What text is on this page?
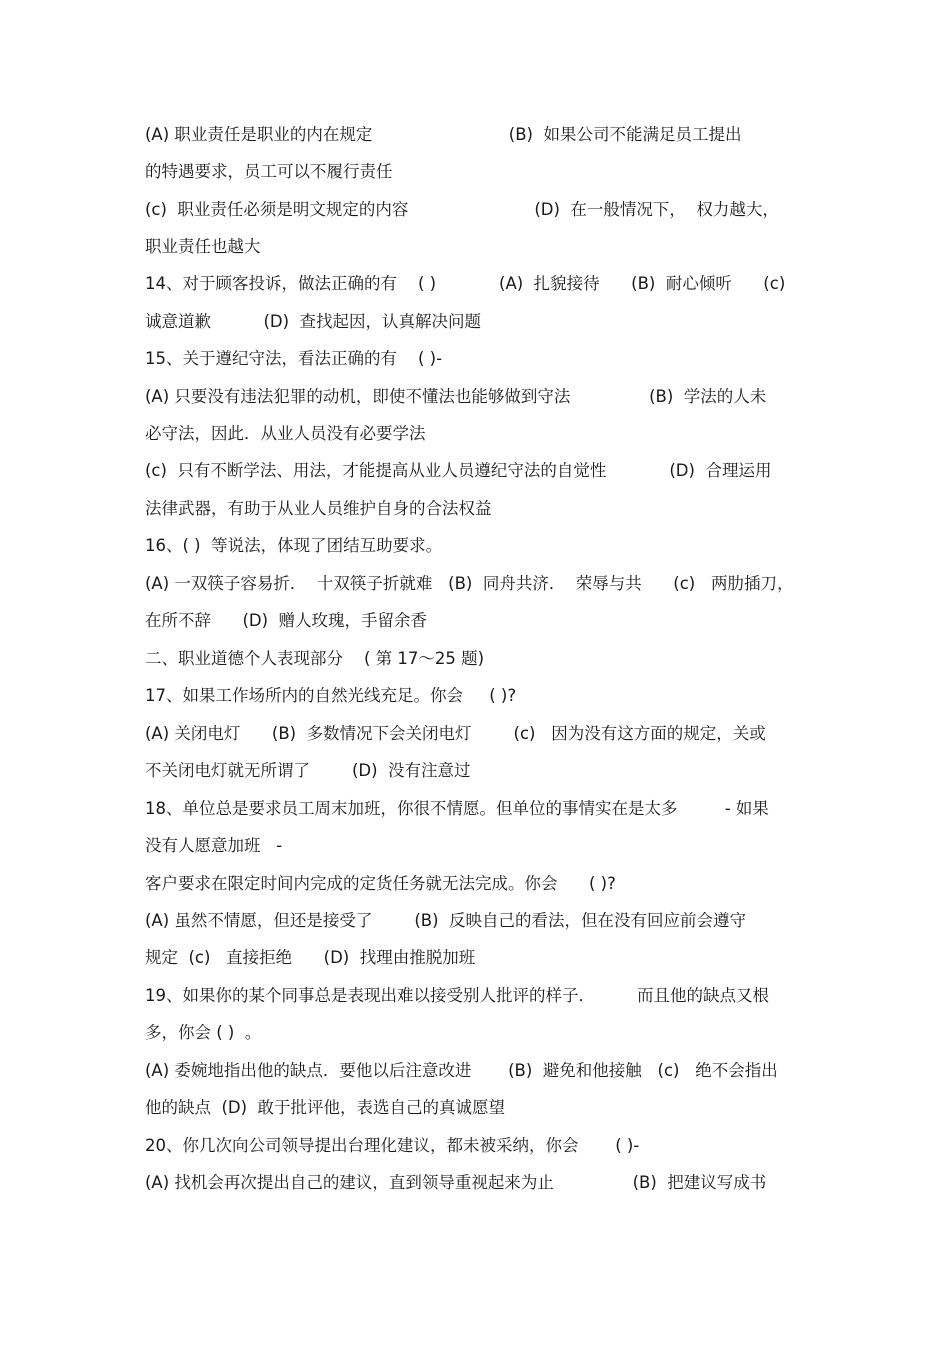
(A) 职业责任是职业的内在规定                          (B)  如果公司不能满足员工提出
的特遇要求，员工可以不履行责任
(c)  职业责任必须是明文规定的内容                        (D)  在一般情况下，  权力越大，
职业责任也越大
14、对于顾客投诉，做法正确的有    ( )            (A)  扎貌接待      (B)  耐心倾听      (c)
诚意道歉          (D)  查找起因，认真解决问题
15、关于遵纪守法，看法正确的有    ( )-
(A) 只要没有违法犯罪的动机，即使不懂法也能够做到守法               (B)  学法的人未
必守法，因此．从业人员没有必要学法
(c)  只有不断学法、用法，才能提高从业人员遵纪守法的自觉性            (D)  合理运用
法律武器，有助于从业人员维护自身的合法权益
16、( )  等说法，体现了团结互助要求。
(A) 一双筷子容易折．  十双筷子折就难   (B)  同舟共济．  荣辱与共      (c)   两肋插刀，
在所不辞      (D)  赠人玫瑰，手留余香
二、职业道德个人表现部分    ( 第 17～25 题)
17、如果工作场所内的自然光线充足。你会     ( )?
(A) 关闭电灯      (B)  多数情况下会关闭电灯        (c)   因为没有这方面的规定，关或
不关闭电灯就无所谓了        (D)  没有注意过
18、单位总是要求员工周末加班，你很不情愿。但单位的事情实在是太多         - 如果
没有人愿意加班   -
客户要求在限定时间内完成的定货任务就无法完成。你会      ( )?
(A) 虽然不情愿，但还是接受了        (B)  反映自己的看法，但在没有回应前会遵守
规定  (c)   直接拒绝      (D)  找理由推脱加班
19、如果你的某个同事总是表现出难以接受别人批评的样子．        而且他的缺点又根
多，你会 ( )  。
(A) 委婉地指出他的缺点．要他以后注意改进       (B)  避免和他接触   (c)   绝不会指出
他的缺点  (D)  敢于批评他，表选自己的真诚愿望
20、你几次向公司领导提出台理化建议，都未被采纳，你会       ( )-
(A) 找机会再次提出自己的建议，直到领导重视起来为止               (B)  把建议写成书
